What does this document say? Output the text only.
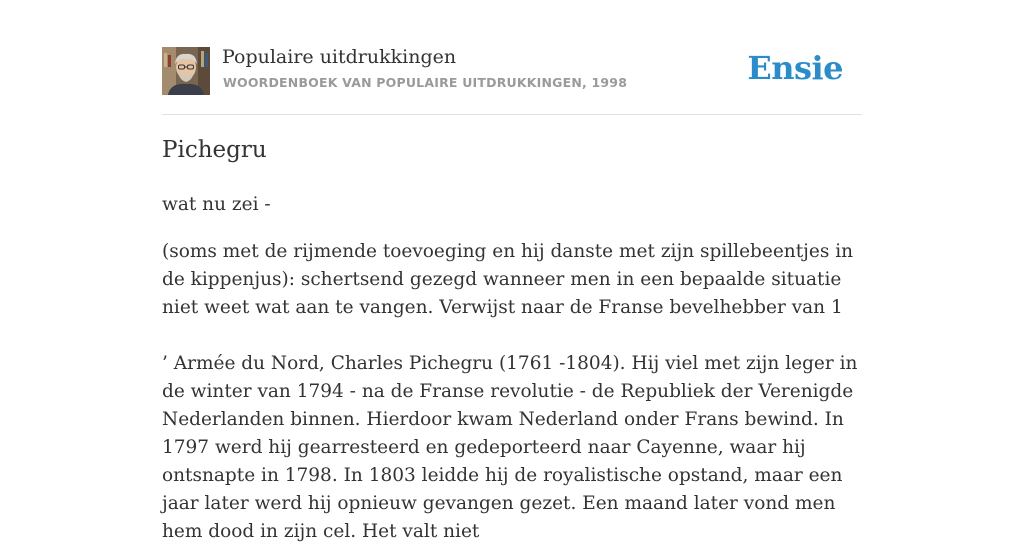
Populaire uitdrukkingen
WOORDENBOEK VAN POPULAIRE UITDRUKKINGEN, 1998	Ensie
Pichegru

wat nu zei -

(soms met de rijmende toevoeging en hij danste met zijn spillebeentjes in de kippenjus): schertsend gezegd wanneer men in een bepaalde situatie niet weet wat aan te vangen. Verwijst naar de Franse bevelhebber van 1

’ Armée du Nord, Charles Pichegru (1761 -1804). Hij viel met zijn leger in de winter van 1794 - na de Franse revolutie - de Republiek der Verenigde Nederlanden binnen. Hierdoor kwam Nederland onder Frans bewind. In 1797 werd hij gearresteerd en gedeporteerd naar Cayenne, waar hij ontsnapte in 1798. In 1803 leidde hij de royalistische opstand, maar een jaar later werd hij opnieuw gevangen gezet. Een maand later vond men hem dood in zijn cel. Het valt niet
